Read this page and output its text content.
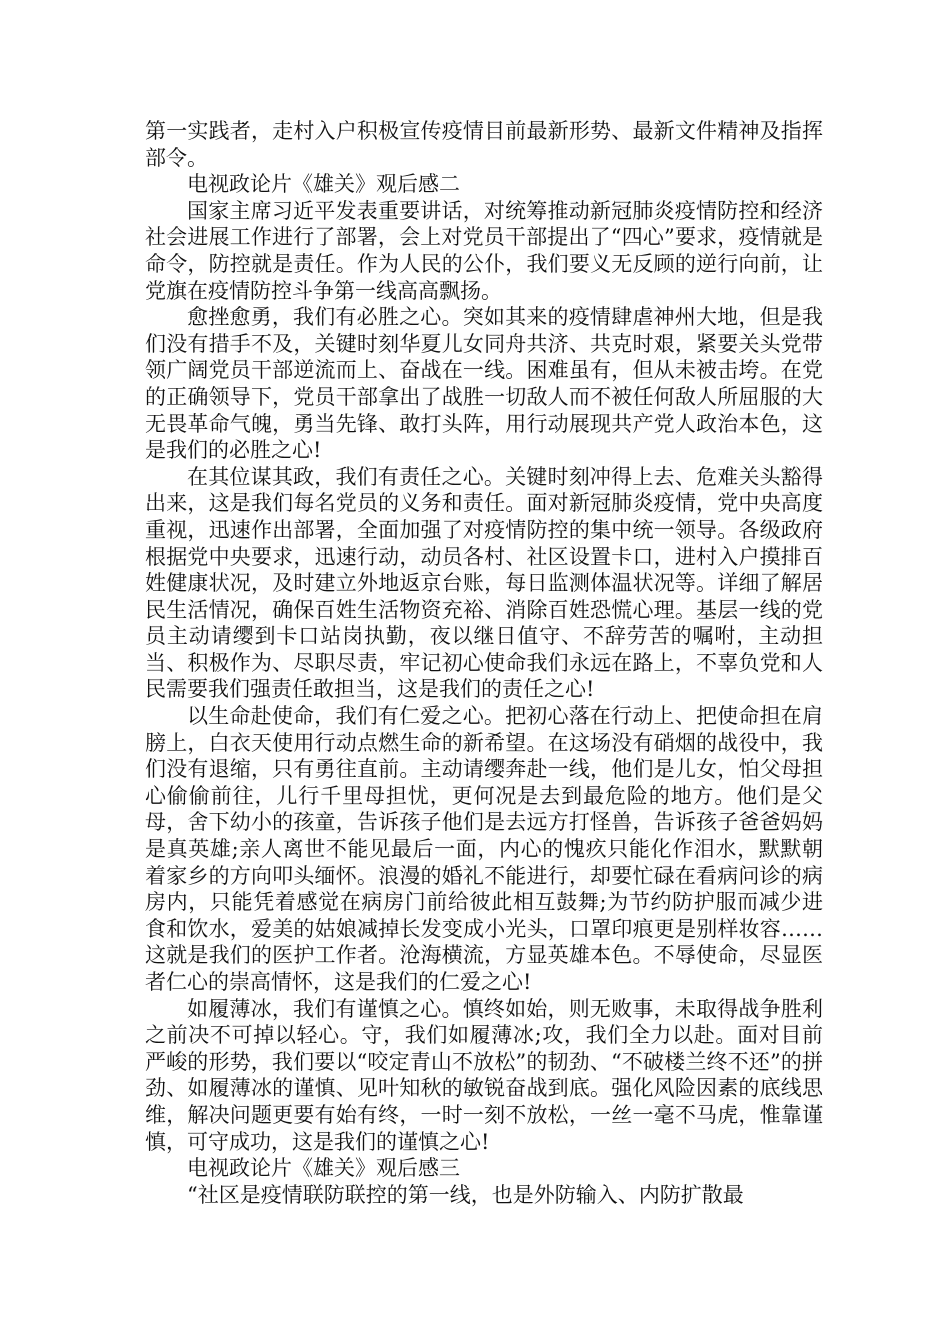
第一实践者，走村入户积极宣传疫情目前最新形势、最新文件精神及指挥部令。

电视政论片《雄关》观后感二

国家主席习近平发表重要讲话，对统筹推动新冠肺炎疫情防控和经济社会进展工作进行了部署，会上对党员干部提出了“四心”要求，疫情就是命令，防控就是责任。作为人民的公仆，我们要义无反顾的逆行向前，让党旗在疫情防控斗争第一线高高飘扬。

愈挫愈勇，我们有必胜之心。突如其来的疫情肆虐神州大地，但是我们没有措手不及，关键时刻华夏儿女同舟共济、共克时艰，紧要关头党带领广阔党员干部逆流而上、奋战在一线。困难虽有，但从未被击垮。在党的正确领导下，党员干部拿出了战胜一切敌人而不被任何敌人所屈服的大无畏革命气魄，勇当先锋、敢打头阵，用行动展现共产党人政治本色，这是我们的必胜之心!

在其位谋其政，我们有责任之心。关键时刻冲得上去、危难关头豁得出来，这是我们每名党员的义务和责任。面对新冠肺炎疫情，党中央高度重视，迅速作出部署，全面加强了对疫情防控的集中统一领导。各级政府根据党中央要求，迅速行动，动员各村、社区设置卡口，进村入户摸排百姓健康状况，及时建立外地返京台账，每日监测体温状况等。详细了解居民生活情况，确保百姓生活物资充裕、消除百姓恐慌心理。基层一线的党员主动请缨到卡口站岗执勤，夜以继日值守、不辞劳苦的嘱咐，主动担当、积极作为、尽职尽责，牢记初心使命我们永远在路上，不辜负党和人民需要我们强责任敢担当，这是我们的责任之心!

以生命赴使命，我们有仁爱之心。把初心落在行动上、把使命担在肩膀上，白衣天使用行动点燃生命的新希望。在这场没有硝烟的战役中，我们没有退缩，只有勇往直前。主动请缨奔赴一线，他们是儿女，怕父母担心偷偷前往，儿行千里母担忧，更何况是去到最危险的地方。他们是父母，舍下幼小的孩童，告诉孩子他们是去远方打怪兽，告诉孩子爸爸妈妈是真英雄;亲人离世不能见最后一面，内心的愧疚只能化作泪水，默默朝着家乡的方向叩头缅怀。浪漫的婚礼不能进行，却要忙碌在看病问诊的病房内，只能凭着感觉在病房门前给彼此相互鼓舞;为节约防护服而减少进食和饮水，爱美的姑娘减掉长发变成小光头，口罩印痕更是别样妆容……这就是我们的医护工作者。沧海横流，方显英雄本色。不辱使命，尽显医者仁心的崇高情怀，这是我们的仁爱之心!

如履薄冰，我们有谨慎之心。慎终如始，则无败事，未取得战争胜利之前决不可掉以轻心。守，我们如履薄冰;攻，我们全力以赴。面对目前严峻的形势，我们要以“咬定青山不放松”的韧劲、“不破楼兰终不还”的拼劲、如履薄冰的谨慎、见叶知秋的敏锐奋战到底。强化风险因素的底线思维，解决问题更要有始有终，一时一刻不放松，一丝一毫不马虎，惟靠谨慎，可守成功，这是我们的谨慎之心!

电视政论片《雄关》观后感三

“社区是疫情联防联控的第一线，也是外防输入、内防扩散最
